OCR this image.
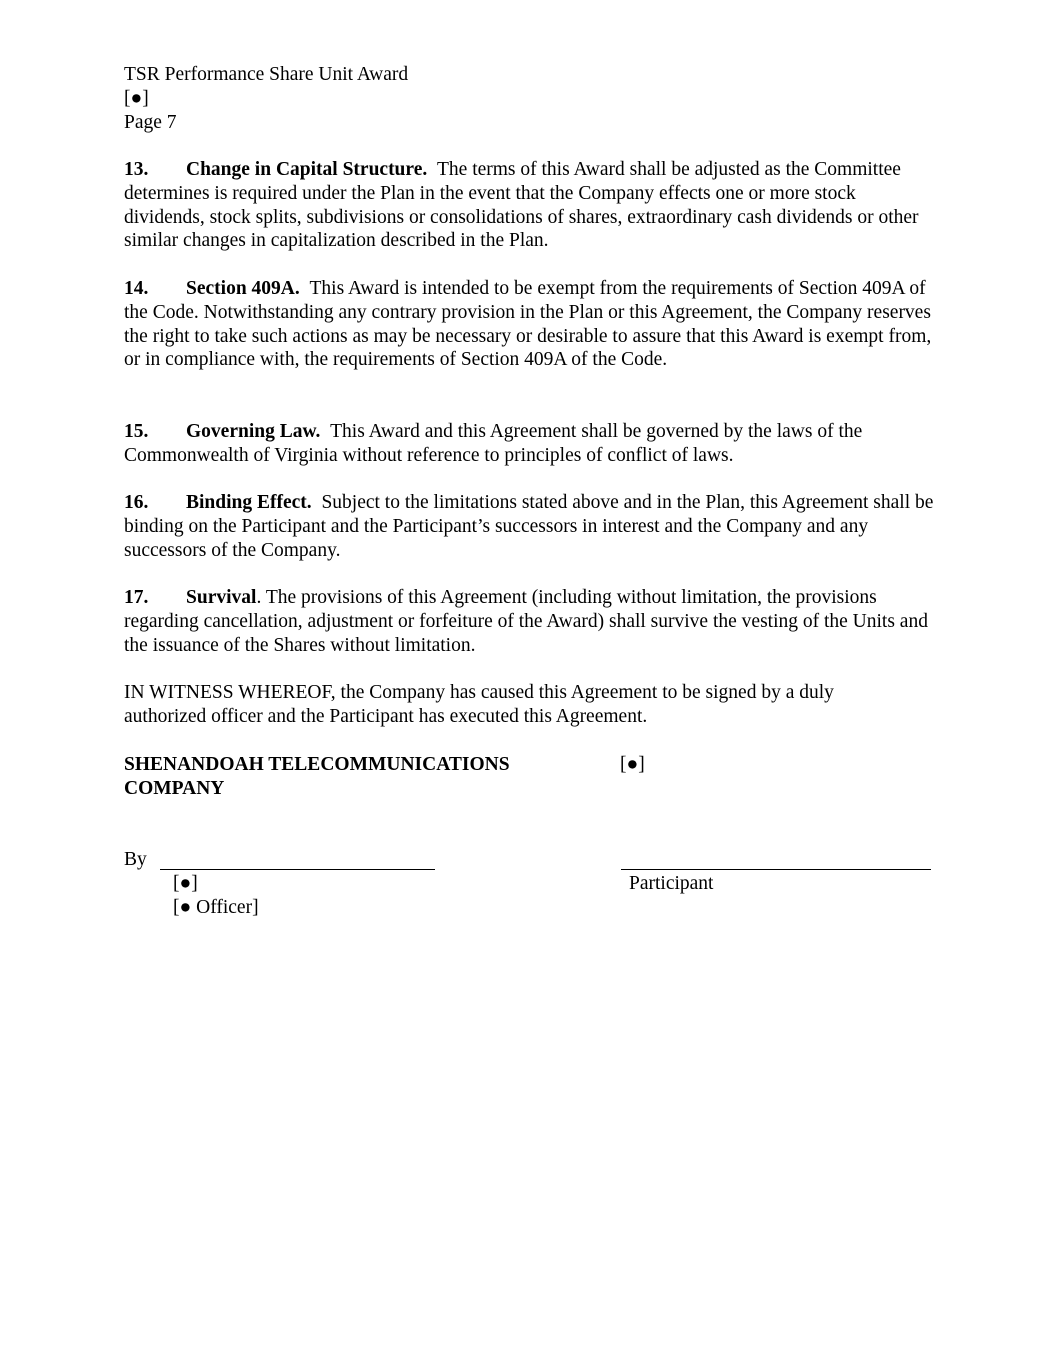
TSR Performance Share Unit Award
[●]
Page 7
13. Change in Capital Structure. The terms of this Award shall be adjusted as the Committee determines is required under the Plan in the event that the Company effects one or more stock dividends, stock splits, subdivisions or consolidations of shares, extraordinary cash dividends or other similar changes in capitalization described in the Plan.
14. Section 409A. This Award is intended to be exempt from the requirements of Section 409A of the Code. Notwithstanding any contrary provision in the Plan or this Agreement, the Company reserves the right to take such actions as may be necessary or desirable to assure that this Award is exempt from, or in compliance with, the requirements of Section 409A of the Code.
15. Governing Law. This Award and this Agreement shall be governed by the laws of the Commonwealth of Virginia without reference to principles of conflict of laws.
16. Binding Effect. Subject to the limitations stated above and in the Plan, this Agreement shall be binding on the Participant and the Participant’s successors in interest and the Company and any successors of the Company.
17. Survival. The provisions of this Agreement (including without limitation, the provisions regarding cancellation, adjustment or forfeiture of the Award) shall survive the vesting of the Units and the issuance of the Shares without limitation.
IN WITNESS WHEREOF, the Company has caused this Agreement to be signed by a duly authorized officer and the Participant has executed this Agreement.
SHENANDOAH TELECOMMUNICATIONS
COMPANY
[●]
By
[●]
[● Officer]
Participant
